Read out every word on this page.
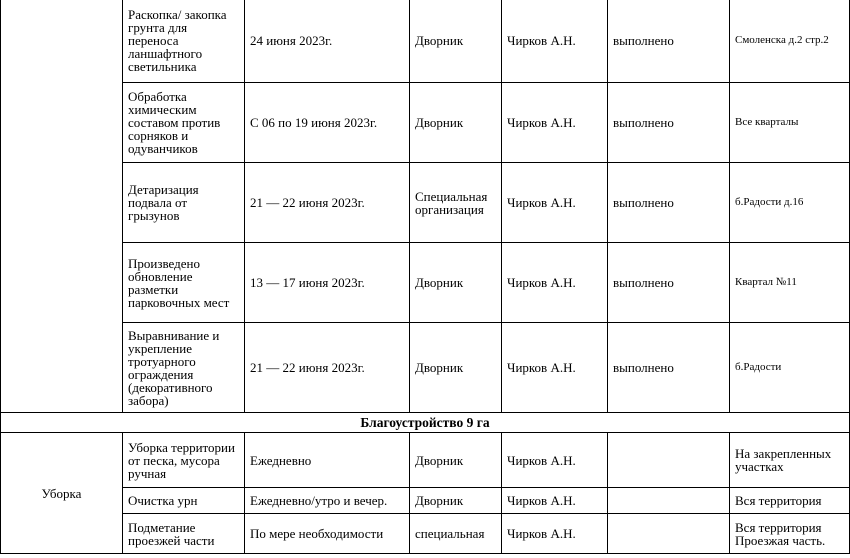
	Раскопка/ закопка грунта для переноса ланшафтного светильника	24 июня 2023г.	Дворник	Чирков А.Н.	выполнено	Смоленска д.2 стр.2
	Обработка химическим составом против сорняков и одуванчиков	С 06 по 19 июня 2023г.	Дворник	Чирков А.Н.	выполнено	Все кварталы
	Детаризация подвала от грызунов	21 — 22 июня 2023г.	Специальная организация	Чирков А.Н.	выполнено	б.Радости д.16
	Произведено обновление разметки парковочных мест	13 — 17 июня 2023г.	Дворник	Чирков А.Н.	выполнено	Квартал №11
	Выравнивание и укрепление тротуарного ограждения (декоративного забора)	21 — 22 июня 2023г.	Дворник	Чирков А.Н.	выполнено	б.Радости
Благоустройство 9 га						
Уборка	Уборка территории от песка, мусора ручная	Ежедневно	Дворник	Чирков А.Н.		На закрепленных участках
	Очистка урн	Ежедневно/утро и вечер.	Дворник	Чирков А.Н.		Вся территория
	Подметание проезжей части	По мере необходимости	специальная	Чирков А.Н.		Вся территория Проезжая часть.
